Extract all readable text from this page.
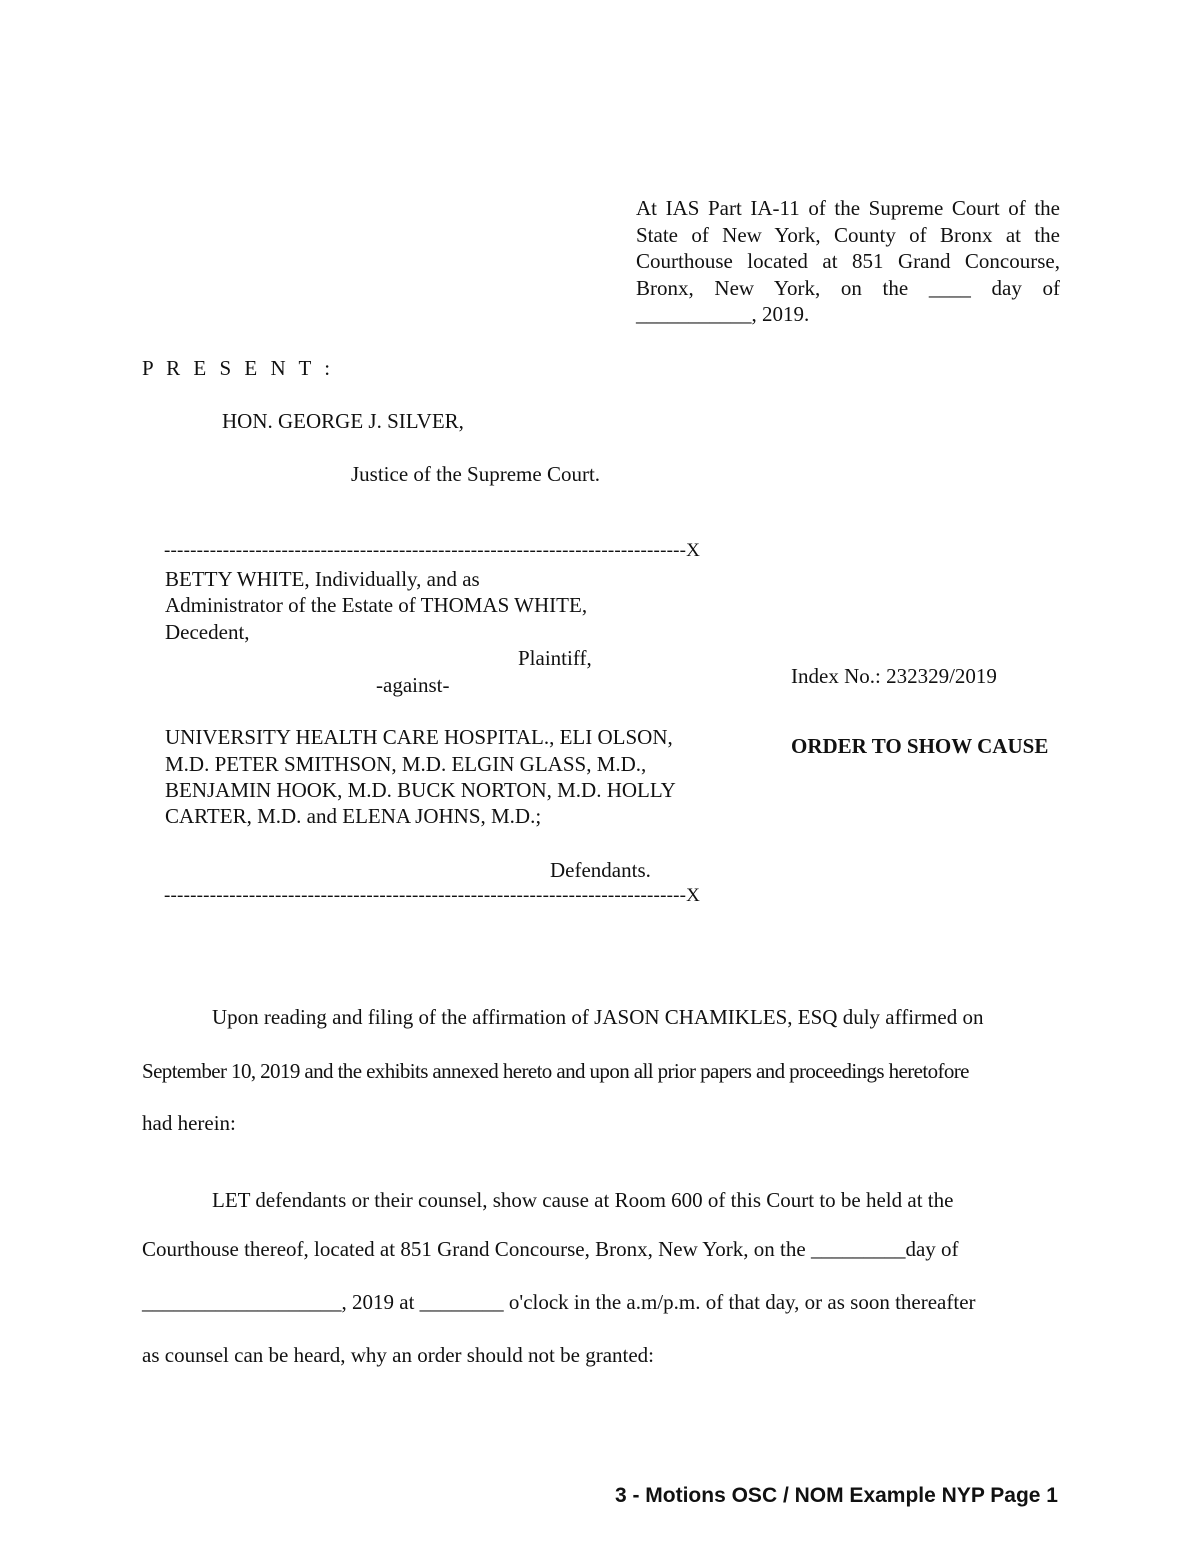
At IAS Part IA-11 of the Supreme Court of the
State of New York, County of Bronx at the
Courthouse located at 851 Grand Concourse,
Bronx, New York, on the ____ day of
___________, 2019.
P R E S E N T :
HON. GEORGE J. SILVER,
Justice of the Supreme Court.
--------------------------------------------------------------------------------X
BETTY WHITE, Individually, and as
Administrator of the Estate of THOMAS WHITE,
Decedent,
Plaintiff,
-against-	Index No.: 232329/2019
UNIVERSITY HEALTH CARE HOSPITAL., ELI OLSON,
M.D. PETER SMITHSON, M.D. ELGIN GLASS, M.D.,
BENJAMIN HOOK, M.D. BUCK NORTON, M.D. HOLLY
CARTER, M.D. and ELENA JOHNS, M.D.;
ORDER TO SHOW CAUSE
Defendants.
--------------------------------------------------------------------------------X
Upon reading and filing of the affirmation of JASON CHAMIKLES, ESQ duly affirmed on
September 10, 2019 and the exhibits annexed hereto and upon all prior papers and proceedings heretofore
had herein:
LET defendants or their counsel, show cause at Room 600 of this Court to be held at the
Courthouse thereof, located at 851 Grand Concourse, Bronx, New York, on the _________day of
___________________, 2019 at ________ o'clock in the a.m/p.m. of that day, or as soon thereafter
as counsel can be heard, why an order should not be granted:
3 - Motions OSC / NOM Example NYP Page 1
